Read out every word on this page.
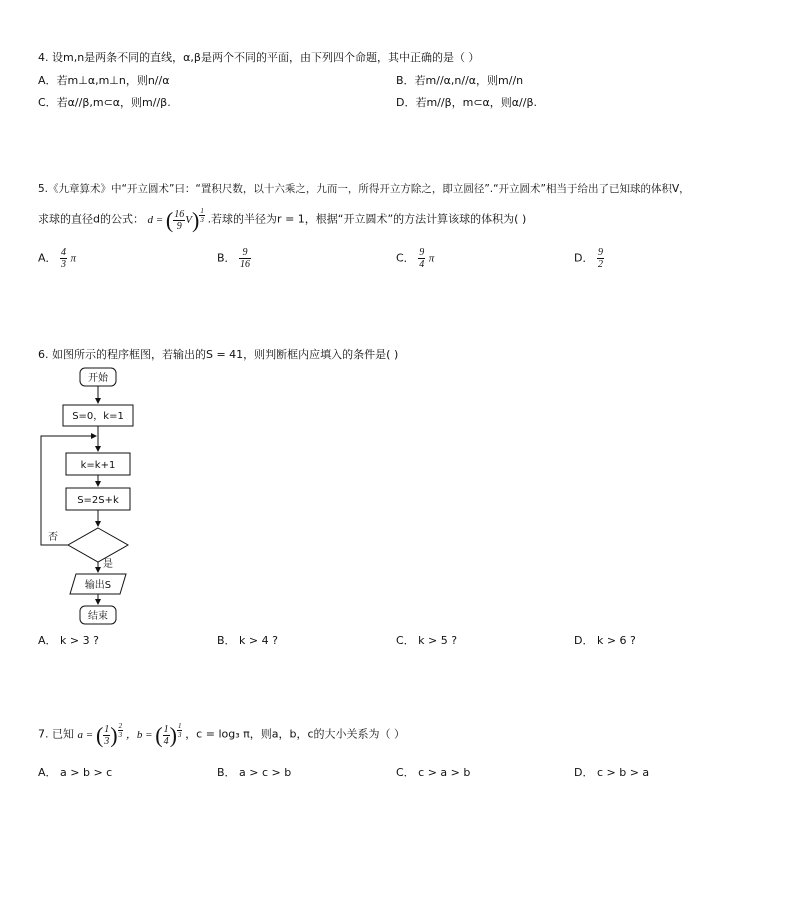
4. 设m,n是两条不同的直线，α,β是两个不同的平面，由下列四个命题，其中正确的是（ ）
A．若m⊥α,m⊥n，则n//α	B．若m//α,n//α，则m//n
C．若α//β,m⊂α，则m//β.	D．若m//β，m⊂α，则α//β.
5.《九章算术》中“开立圆术”曰：“置积尺数，以十六乘之，九而一，所得开立方除之，即立圆径”.“开立圆术”相当于给出了已知球的体积V，
求球的直径d的公式： d = ( $\frac{16}{9} V) \frac{1}{3}$ .若球的半径为r = 1，根据“开立圆术”的方法计算该球的体积为( )
A． $\frac{4}{3}$ π	B． $\frac{9}{16}$	C． $\frac{9}{4}$ π	D． $\frac{9}{2}$
6. 如图所示的程序框图，若输出的S = 41，则判断框内应填入的条件是( )
开始
S=0，k=1
k=k+1
S=2S+k
否
是
输出S
结束
A． k > 3 ?	B． k > 4 ?	C． k > 5 ?	D． k > 6 ?
7. 已知 a = ( $\frac{1}{3}$ ) $\frac{2}{3}$ ，b = ( $\frac{1}{4}$ ) $\frac{1}{3}$ ，c = log₃ π，则a，b，c的大小关系为（ ）
A． a > b > c	B． a > c > b	C． c > a > b	D． c > b > a
